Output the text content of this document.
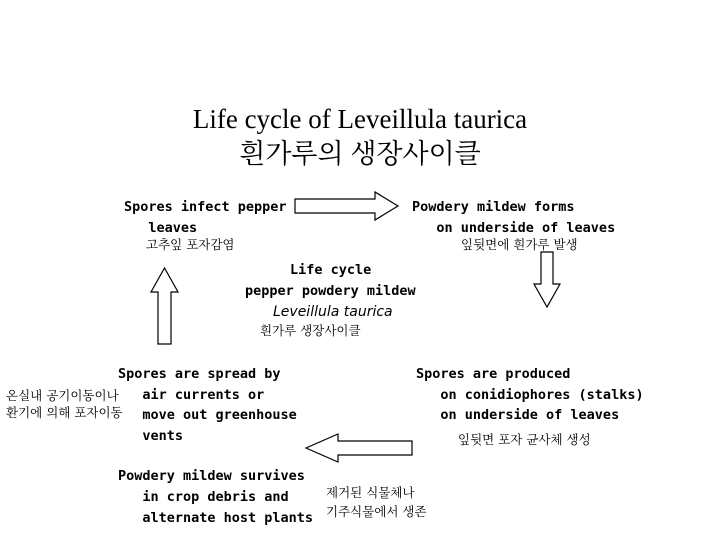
Life cycle of Leveillula taurica
흰가루의 생장사이클
Spores infect pepper
leaves
고추잎 포자감염
Powdery mildew forms
on underside of leaves
잎뒷면에 흰가루 발생
Life cycle
pepper powdery mildew
Leveillula taurica
흰가루 생장사이클
Spores are spread by
air currents or
move out greenhouse
vents
온실내 공기이동이나
환기에 의해 포자이동
Spores are produced
on conidiophores (stalks)
on underside of leaves
잎뒷면 포자 균사체 생성
Powdery mildew survives
in crop debris and
alternate host plants
제거된 식물체나
기주식물에서 생존
